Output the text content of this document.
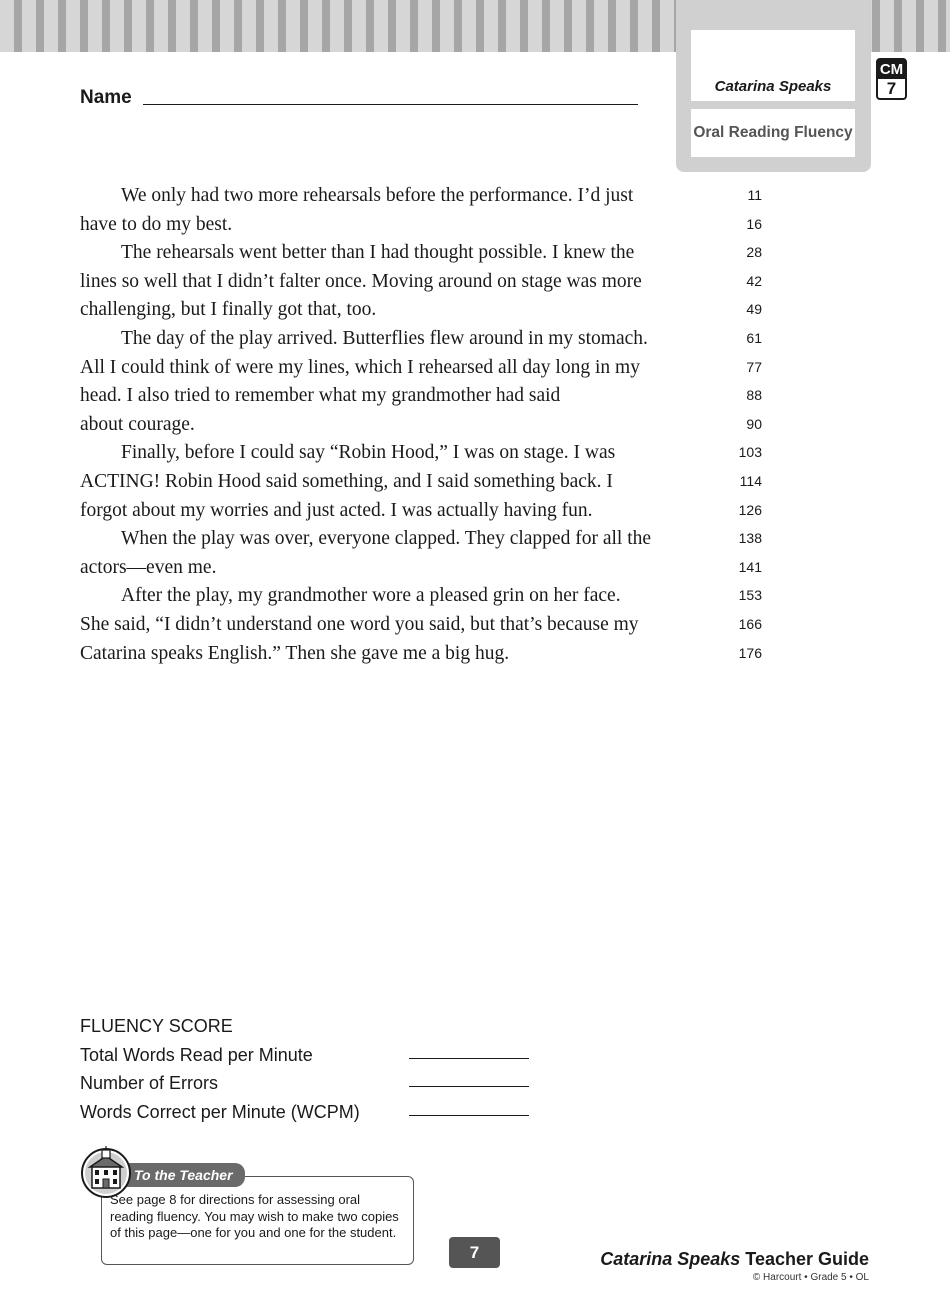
Catarina Speaks
Oral Reading Fluency
CM
7
Name
We only had two more rehearsals before the performance. I’d just	11
have to do my best.	16
The rehearsals went better than I had thought possible. I knew the	28
lines so well that I didn’t falter once. Moving around on stage was more	42
challenging, but I finally got that, too.	49
The day of the play arrived. Butterflies flew around in my stomach.	61
All I could think of were my lines, which I rehearsed all day long in my	77
head. I also tried to remember what my grandmother had said	88
about courage.	90
Finally, before I could say “Robin Hood,” I was on stage. I was	103
ACTING! Robin Hood said something, and I said something back. I	114
forgot about my worries and just acted. I was actually having fun.	126
When the play was over, everyone clapped. They clapped for all the	138
actors—even me.	141
After the play, my grandmother wore a pleased grin on her face.	153
She said, “I didn’t understand one word you said, but that’s because my	166
Catarina speaks English.” Then she gave me a big hug.	176
FLUENCY SCORE
Total Words Read per Minute
Number of Errors
Words Correct per Minute (WCPM)
To the Teacher
See page 8 for directions for assessing oral reading fluency. You may wish to make two copies of this page—one for you and one for the student.
7	Catarina Speaks Teacher Guide
© Harcourt • Grade 5 • OL
